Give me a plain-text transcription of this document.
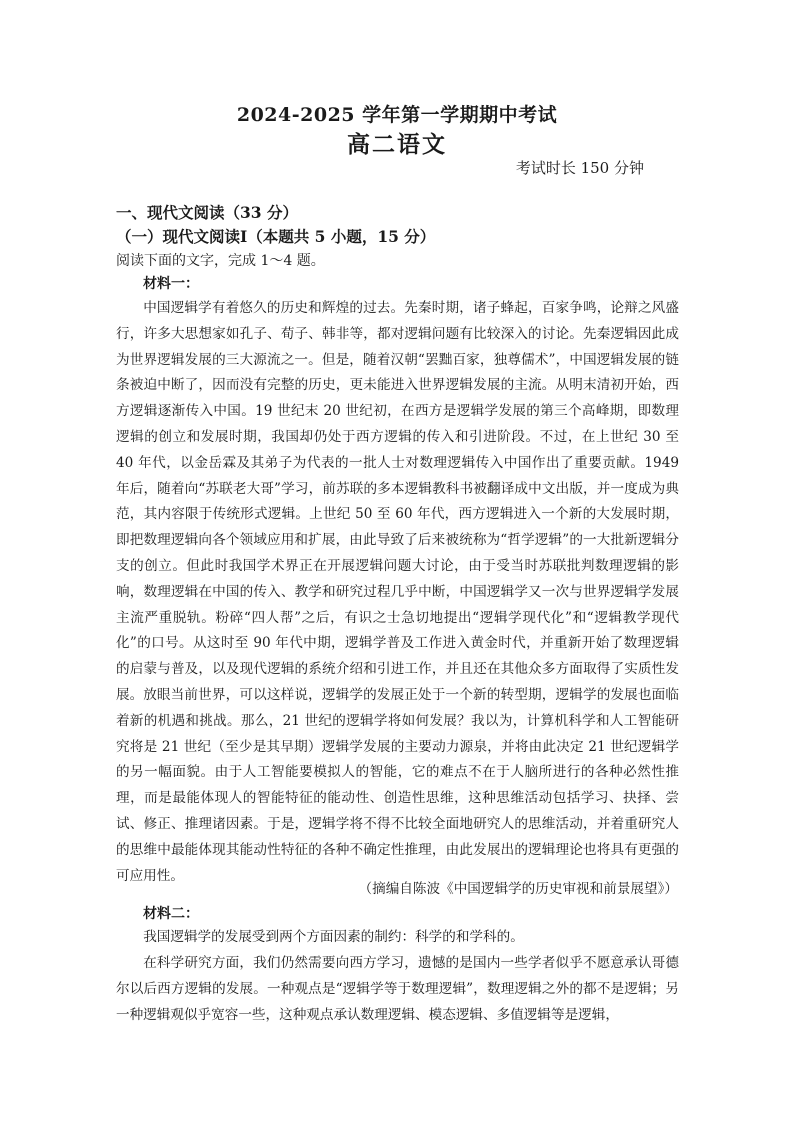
2024-2025 学年第一学期期中考试
高二语文
考试时长 150 分钟
一、现代文阅读（33 分）
（一）现代文阅读Ⅰ（本题共 5 小题，15 分）
阅读下面的文字，完成 1～4 题。
材料一：

中国逻辑学有着悠久的历史和辉煌的过去。先秦时期，诸子蜂起，百家争鸣，论辩之风盛行，许多大思想家如孔子、荀子、韩非等，都对逻辑问题有比较深入的讨论。先秦逻辑因此成为世界逻辑发展的三大源流之一。但是，随着汉朝“罢黜百家，独尊儒术”，中国逻辑发展的链条被迫中断了，因而没有完整的历史，更未能进入世界逻辑发展的主流。从明末清初开始，西方逻辑逐渐传入中国。19 世纪末 20 世纪初，在西方是逻辑学发展的第三个高峰期，即数理逻辑的创立和发展时期，我国却仍处于西方逻辑的传入和引进阶段。不过，在上世纪 30 至 40 年代，以金岳霖及其弟子为代表的一批人士对数理逻辑传入中国作出了重要贡献。1949 年后，随着向“苏联老大哥”学习，前苏联的多本逻辑教科书被翻译成中文出版，并一度成为典范，其内容限于传统形式逻辑。上世纪 50 至 60 年代，西方逻辑进入一个新的大发展时期，即把数理逻辑向各个领域应用和扩展，由此导致了后来被统称为“哲学逻辑”的一大批新逻辑分支的创立。但此时我国学术界正在开展逻辑问题大讨论，由于受当时苏联批判数理逻辑的影响，数理逻辑在中国的传入、教学和研究过程几乎中断，中国逻辑学又一次与世界逻辑学发展主流严重脱轨。粉碎“四人帮”之后，有识之士急切地提出“逻辑学现代化”和“逻辑教学现代化”的口号。从这时至 90 年代中期，逻辑学普及工作进入黄金时代，并重新开始了数理逻辑的启蒙与普及，以及现代逻辑的系统介绍和引进工作，并且还在其他众多方面取得了实质性发展。 放眼当前世界，可以这样说，逻辑学的发展正处于一个新的转型期，逻辑学的发展也面临着新的机遇和挑战。那么，21 世纪的逻辑学将如何发展？我以为，计算机科学和人工智能研究将是 21 世纪（至少是其早期）逻辑学发展的主要动力源泉，并将由此决定 21 世纪逻辑学的另一幅面貌。由于人工智能要模拟人的智能，它的难点不在于人脑所进行的各种必然性推理，而是最能体现人的智能特征的能动性、创造性思维，这种思维活动包括学习、抉择、尝试、修正、推理诸因素。于是，逻辑学将不得不比较全面地研究人的思维活动，并着重研究人的思维中最能体现其能动性特征的各种不确定性推理，由此发展出的逻辑理论也将具有更强的可应用性。

（摘编自陈波《中国逻辑学的历史审视和前景展望》）
材料二：

我国逻辑学的发展受到两个方面因素的制约：科学的和学科的。

在科学研究方面，我们仍然需要向西方学习，遗憾的是国内一些学者似乎不愿意承认哥德尔以后西方逻辑的发展。一种观点是“逻辑学等于数理逻辑”，数理逻辑之外的都不是逻辑；另一种逻辑观似乎宽容一些，这种观点承认数理逻辑、模态逻辑、多值逻辑等是逻辑，
